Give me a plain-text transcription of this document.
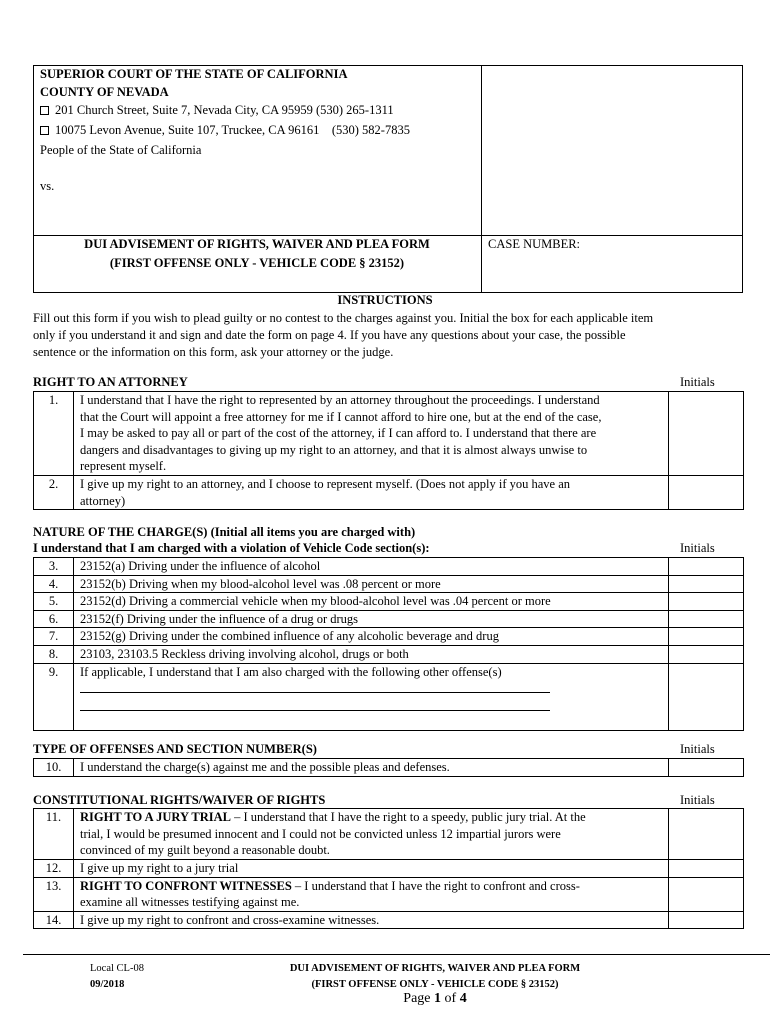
SUPERIOR COURT OF THE STATE OF CALIFORNIA
COUNTY OF NEVADA
201 Church Street, Suite 7, Nevada City, CA 95959 (530) 265-1311
10075 Levon Avenue, Suite 107, Truckee, CA 96161    (530) 582-7835
People of the State of California
vs.
DUI ADVISEMENT OF RIGHTS, WAIVER AND PLEA FORM
(FIRST OFFENSE ONLY - VEHICLE CODE § 23152)
CASE NUMBER:
INSTRUCTIONS
Fill out this form if you wish to plead guilty or no contest to the charges against you. Initial the box for each applicable item
only if you understand it and sign and date the form on page 4. If you have any questions about your case, the possible
sentence or the information on this form, ask your attorney or the judge.
RIGHT TO AN ATTORNEY	Initials
1.	I understand that I have the right to represented by an attorney throughout the proceedings. I understand
that the Court will appoint a free attorney for me if I cannot afford to hire one, but at the end of the case,
I may be asked to pay all or part of the cost of the attorney, if I can afford to. I understand that there are
dangers and disadvantages to giving up my right to an attorney, and that it is almost always unwise to
represent myself.	
2.	I give up my right to an attorney, and I choose to represent myself. (Does not apply if you have an
attorney)	
NATURE OF THE CHARGE(S) (Initial all items you are charged with)
I understand that I am charged with a violation of Vehicle Code section(s):	Initials
3.	23152(a) Driving under the influence of alcohol	
4.	23152(b) Driving when my blood-alcohol level was .08 percent or more	
5.	23152(d) Driving a commercial vehicle when my blood-alcohol level was .04 percent or more	
6.	23152(f) Driving under the influence of a drug or drugs	
7.	23152(g) Driving under the combined influence of any alcoholic beverage and drug	
8.	23103, 23103.5 Reckless driving involving alcohol, drugs or both	
9.	If applicable, I understand that I am also charged with the following other offense(s)

TYPE OF OFFENSES AND SECTION NUMBER(S)	Initials
10.	I understand the charge(s) against me and the possible pleas and defenses.	
CONSTITUTIONAL RIGHTS/WAIVER OF RIGHTS	Initials
11.	RIGHT TO A JURY TRIAL – I understand that I have the right to a speedy, public jury trial. At the
trial, I would be presumed innocent and I could not be convicted unless 12 impartial jurors were
convinced of my guilt beyond a reasonable doubt.	
12.	I give up my right to a jury trial	
13.	RIGHT TO CONFRONT WITNESSES – I understand that I have the right to confront and cross-
examine all witnesses testifying against me.	
14.	I give up my right to confront and cross-examine witnesses.	
Local CL-08
09/2018
DUI ADVISEMENT OF RIGHTS, WAIVER AND PLEA FORM
(FIRST OFFENSE ONLY - VEHICLE CODE § 23152)
Page 1 of 4
